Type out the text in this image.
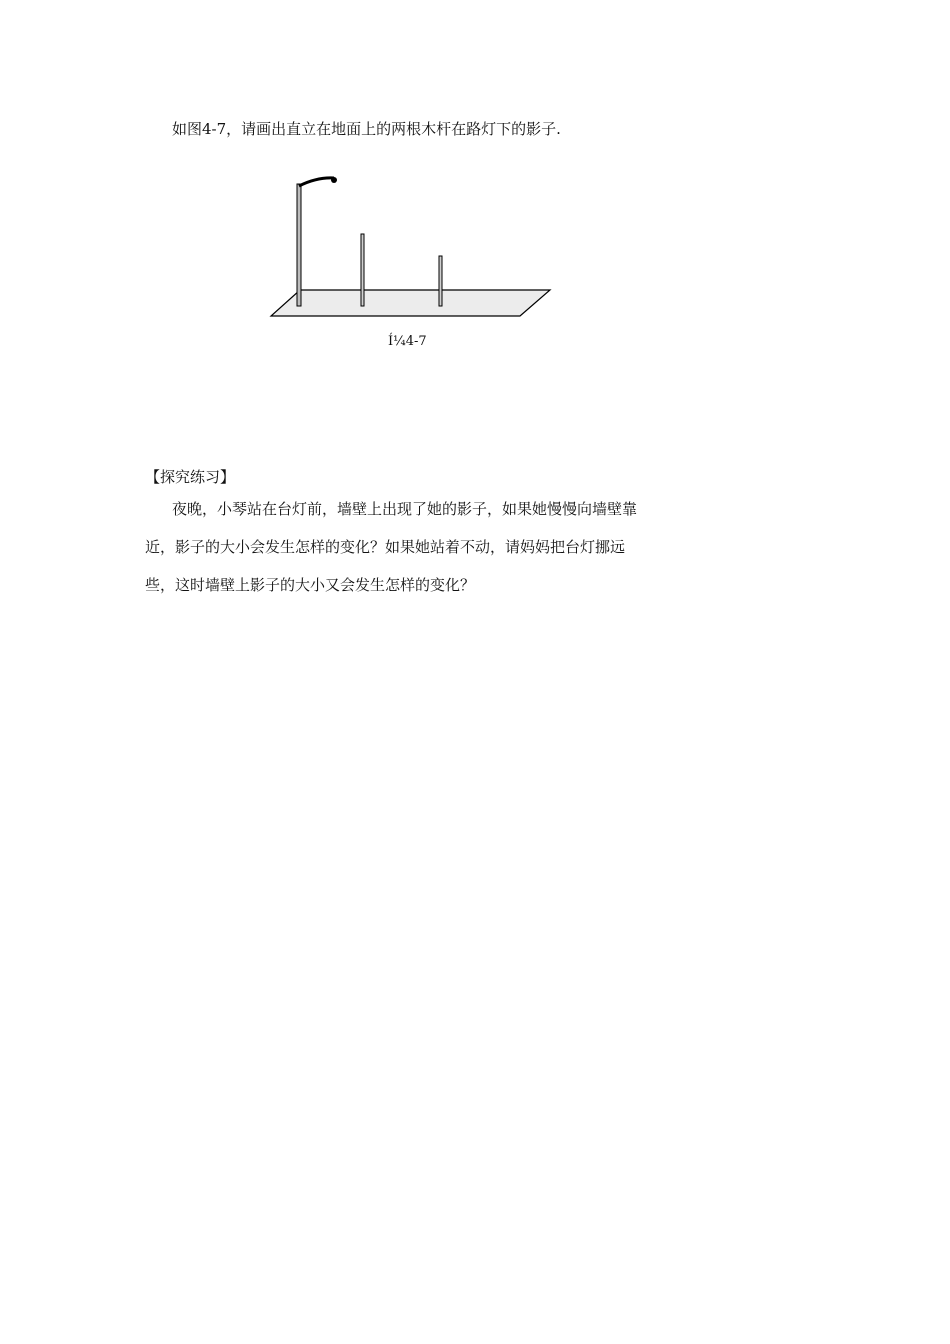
如图4-7，请画出直立在地面上的两根木杆在路灯下的影子.
Í¼4-7
【探究练习】
夜晚，小琴站在台灯前，墙壁上出现了她的影子，如果她慢慢向墙壁靠
近，影子的大小会发生怎样的变化？如果她站着不动，请妈妈把台灯挪远
些，这时墙壁上影子的大小又会发生怎样的变化？
